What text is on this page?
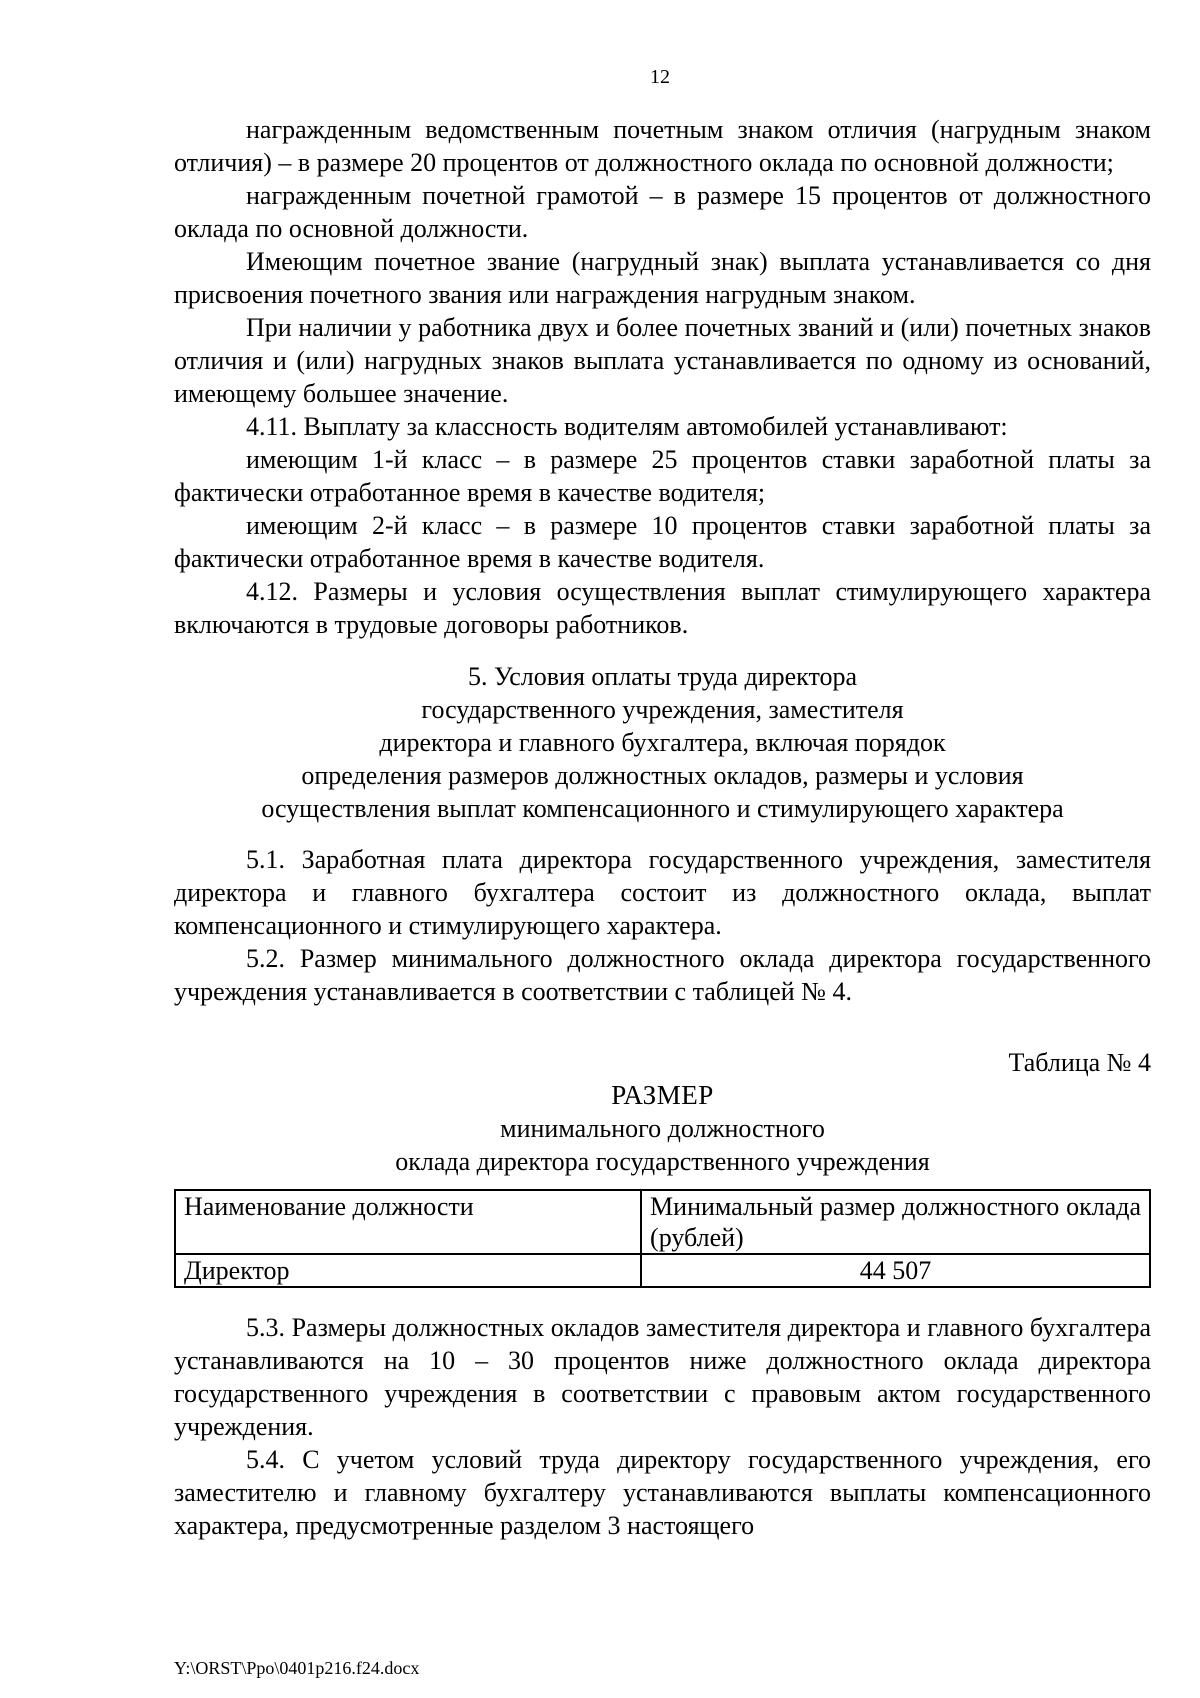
12

награжденным ведомственным почетным знаком отличия (нагрудным знаком отличия) – в размере 20 процентов от должностного оклада по основной должности;

награжденным почетной грамотой – в размере 15 процентов от должностного оклада по основной должности.

Имеющим почетное звание (нагрудный знак) выплата устанавливается со дня присвоения почетного звания или награждения нагрудным знаком.

При наличии у работника двух и более почетных званий и (или) почетных знаков отличия и (или) нагрудных знаков выплата устанавливается по одному из оснований, имеющему большее значение.

4.11. Выплату за классность водителям автомобилей устанавливают:

имеющим 1-й класс – в размере 25 процентов ставки заработной платы за фактически отработанное время в качестве водителя;

имеющим 2-й класс – в размере 10 процентов ставки заработной платы за фактически отработанное время в качестве водителя.

4.12. Размеры и условия осуществления выплат стимулирующего характера включаются в трудовые договоры работников.

5. Условия оплаты труда директора
государственного учреждения, заместителя
директора и главного бухгалтера, включая порядок
определения размеров должностных окладов, размеры и условия
осуществления выплат компенсационного и стимулирующего характера

5.1. Заработная плата директора государственного учреждения, заместителя директора и главного бухгалтера состоит из должностного оклада, выплат компенсационного и стимулирующего характера.

5.2. Размер минимального должностного оклада директора государственного учреждения устанавливается в соответствии с таблицей № 4.

Таблица № 4
РАЗМЕР
минимального должностного
оклада директора государственного учреждения
Наименование должности	Минимальный размер должностного оклада (рублей)
Директор	44 507

5.3. Размеры должностных окладов заместителя директора и главного бухгалтера устанавливаются на 10 – 30 процентов ниже должностного оклада директора государственного учреждения в соответствии с правовым актом государственного учреждения.

5.4. С учетом условий труда директору государственного учреждения, его заместителю и главному бухгалтеру устанавливаются выплаты компенсационного характера, предусмотренные разделом 3 настоящего

Y:\ORST\Ppo\0401p216.f24.docx
